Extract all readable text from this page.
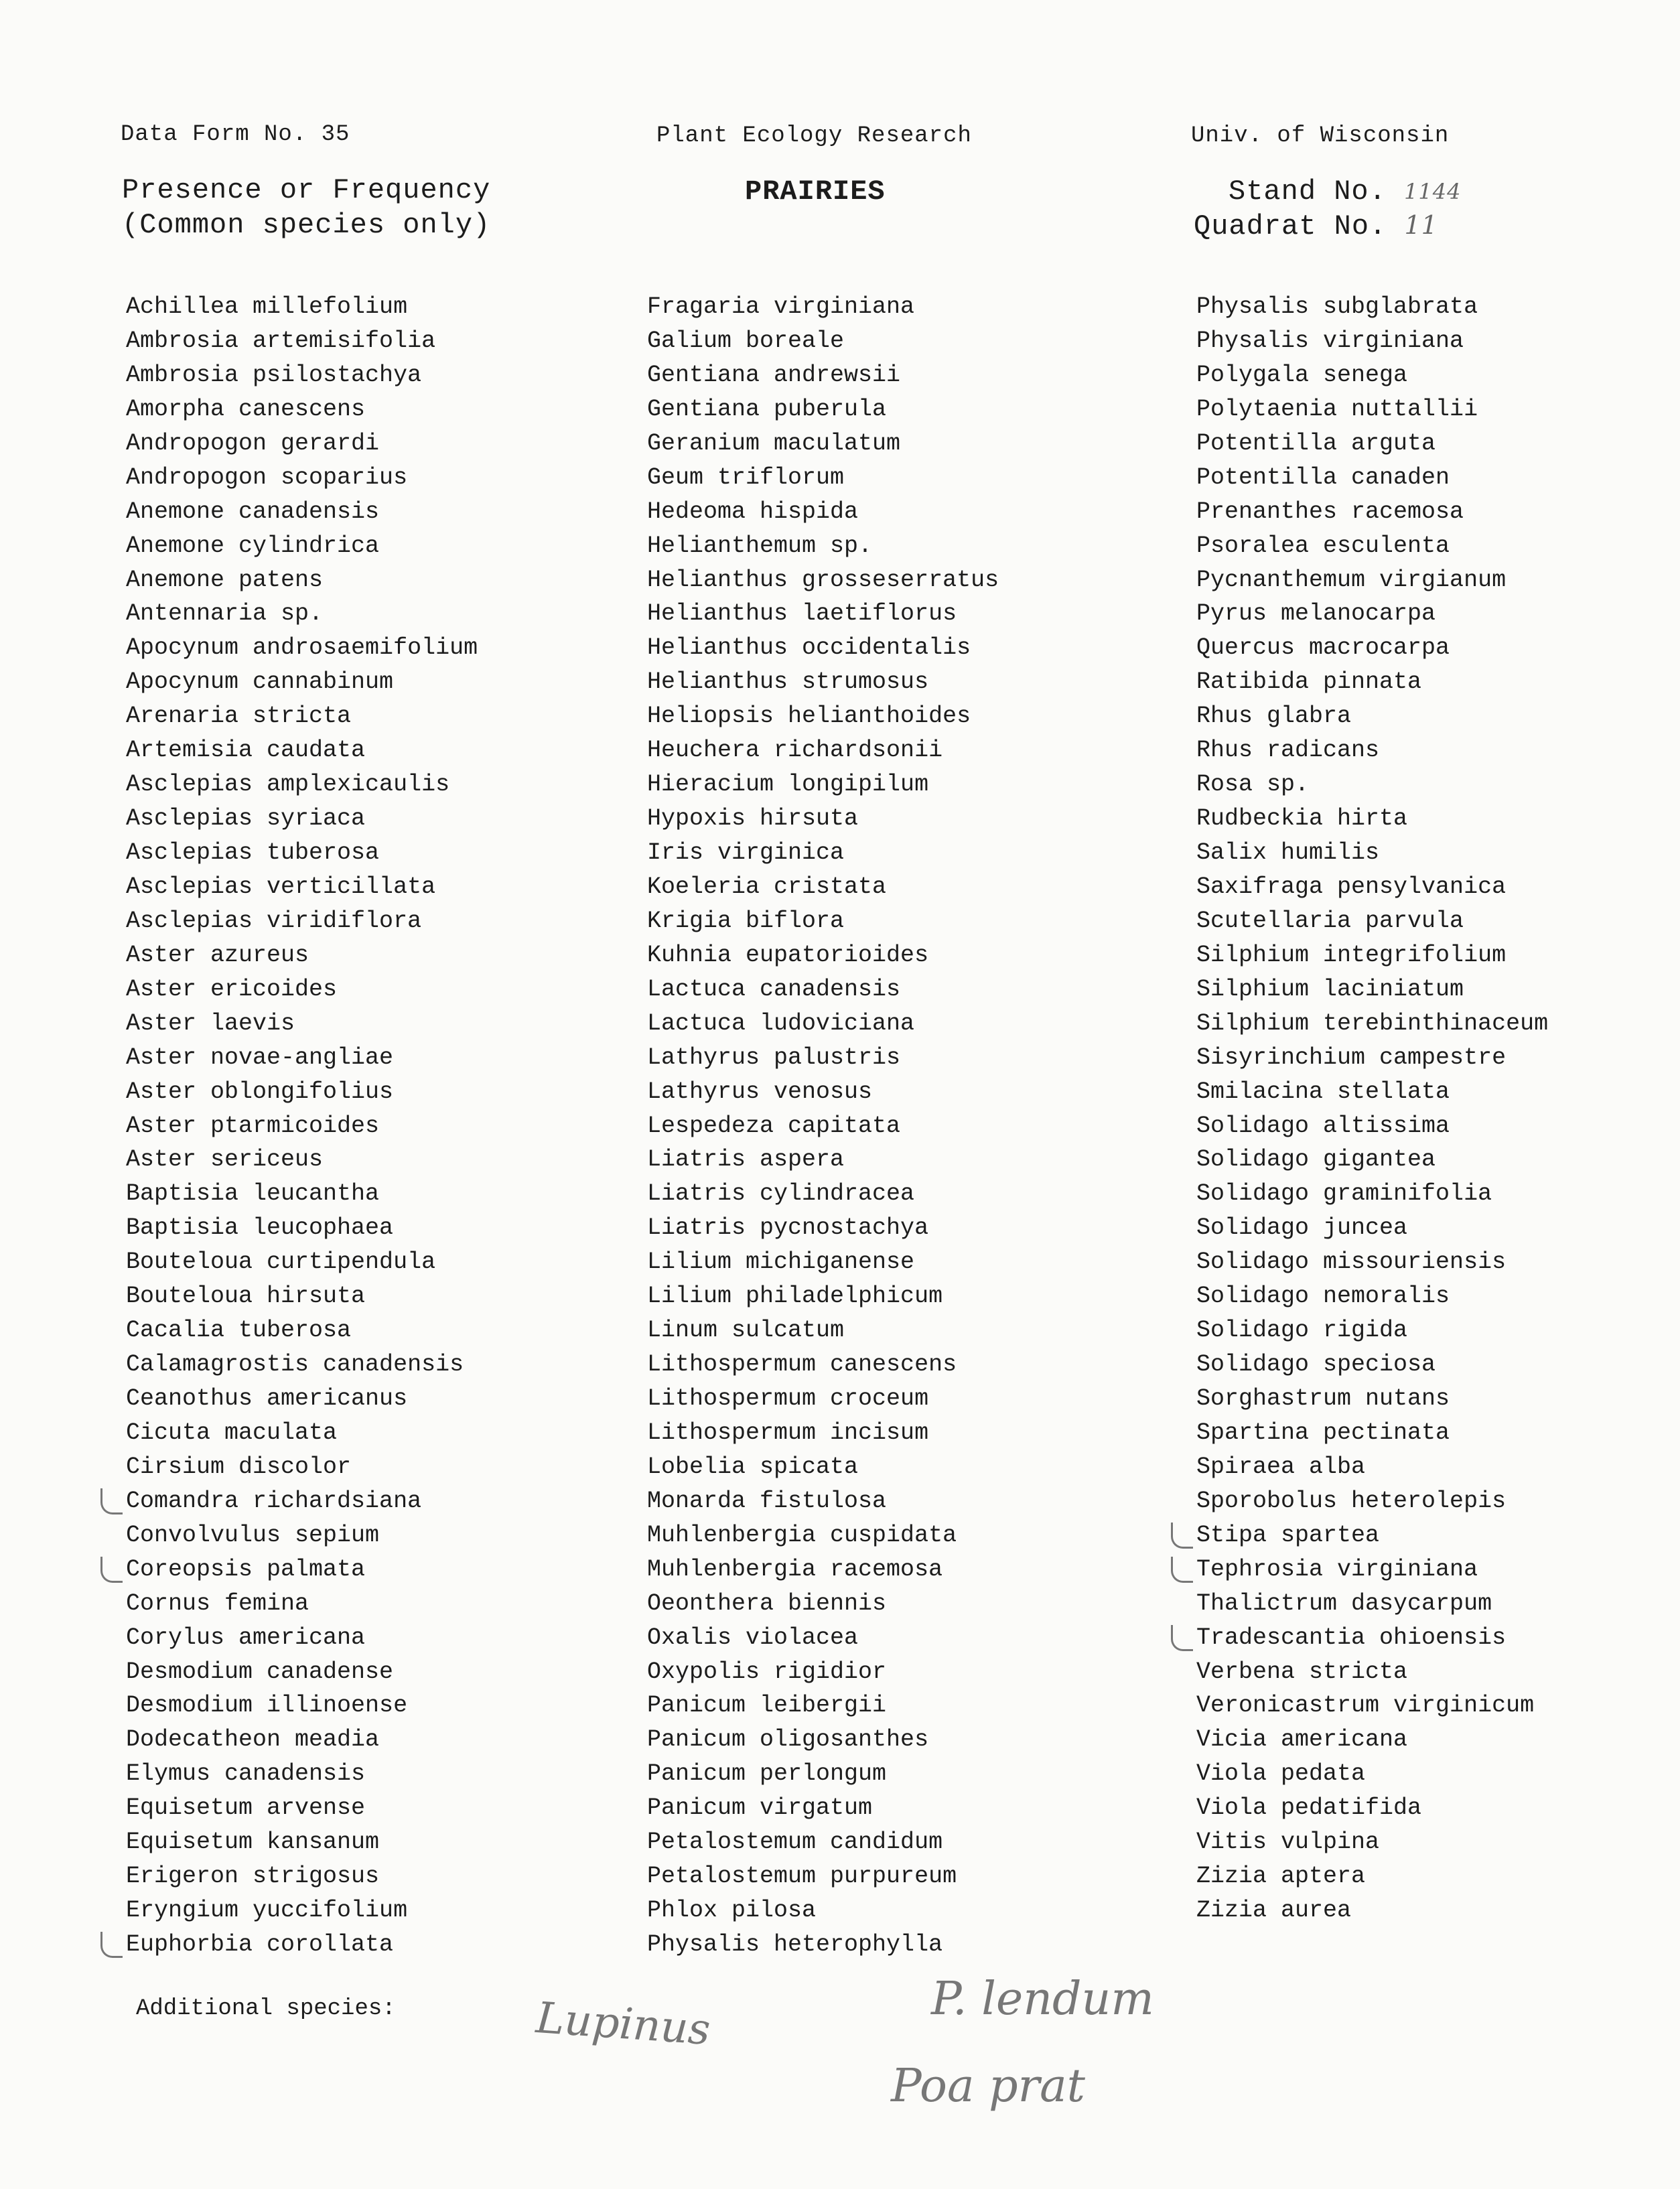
Data Form No. 35	Plant Ecology Research	Univ. of Wisconsin
Presence or Frequency
(Common species only)
PRAIRIES	Stand No. 1144
Quadrat No. 11
Achillea millefolium
Ambrosia artemisifolia
Ambrosia psilostachya
Amorpha canescens
Andropogon gerardi
Andropogon scoparius
Anemone canadensis
Anemone cylindrica
Anemone patens
Antennaria sp.
Apocynum androsaemifolium
Apocynum cannabinum
Arenaria stricta
Artemisia caudata
Asclepias amplexicaulis
Asclepias syriaca
Asclepias tuberosa
Asclepias verticillata
Asclepias viridiflora
Aster azureus
Aster ericoides
Aster laevis
Aster novae-angliae
Aster oblongifolius
Aster ptarmicoides
Aster sericeus
Baptisia leucantha
Baptisia leucophaea
Bouteloua curtipendula
Bouteloua hirsuta
Cacalia tuberosa
Calamagrostis canadensis
Ceanothus americanus
Cicuta maculata
Cirsium discolor
Comandra richardsiana
Convolvulus sepium
Coreopsis palmata
Cornus femina
Corylus americana
Desmodium canadense
Desmodium illinoense
Dodecatheon meadia
Elymus canadensis
Equisetum arvense
Equisetum kansanum
Erigeron strigosus
Eryngium yuccifolium
Euphorbia corollata
Fragaria virginiana
Galium boreale
Gentiana andrewsii
Gentiana puberula
Geranium maculatum
Geum triflorum
Hedeoma hispida
Helianthemum sp.
Helianthus grosseserratus
Helianthus laetiflorus
Helianthus occidentalis
Helianthus strumosus
Heliopsis helianthoides
Heuchera richardsonii
Hieracium longipilum
Hypoxis hirsuta
Iris virginica
Koeleria cristata
Krigia biflora
Kuhnia eupatorioides
Lactuca canadensis
Lactuca ludoviciana
Lathyrus palustris
Lathyrus venosus
Lespedeza capitata
Liatris aspera
Liatris cylindracea
Liatris pycnostachya
Lilium michiganense
Lilium philadelphicum
Linum sulcatum
Lithospermum canescens
Lithospermum croceum
Lithospermum incisum
Lobelia spicata
Monarda fistulosa
Muhlenbergia cuspidata
Muhlenbergia racemosa
Oeonthera biennis
Oxalis violacea
Oxypolis rigidior
Panicum leibergii
Panicum oligosanthes
Panicum perlongum
Panicum virgatum
Petalostemum candidum
Petalostemum purpureum
Phlox pilosa
Physalis heterophylla
Physalis subglabrata
Physalis virginiana
Polygala senega
Polytaenia nuttallii
Potentilla arguta
Potentilla canaden
Prenanthes racemosa
Psoralea esculenta
Pycnanthemum virgianum
Pyrus melanocarpa
Quercus macrocarpa
Ratibida pinnata
Rhus glabra
Rhus radicans
Rosa sp.
Rudbeckia hirta
Salix humilis
Saxifraga pensylvanica
Scutellaria parvula
Silphium integrifolium
Silphium laciniatum
Silphium terebinthinaceum
Sisyrinchium campestre
Smilacina stellata
Solidago altissima
Solidago gigantea
Solidago graminifolia
Solidago juncea
Solidago missouriensis
Solidago nemoralis
Solidago rigida
Solidago speciosa
Sorghastrum nutans
Spartina pectinata
Spiraea alba
Sporobolus heterolepis
Stipa spartea
Tephrosia virginiana
Thalictrum dasycarpum
Tradescantia ohioensis
Verbena stricta
Veronicastrum virginicum
Vicia americana
Viola pedata
Viola pedatifida
Vitis vulpina
Zizia aptera
Zizia aurea
Additional species:	Lupinus	P. lendum
Poa prat
